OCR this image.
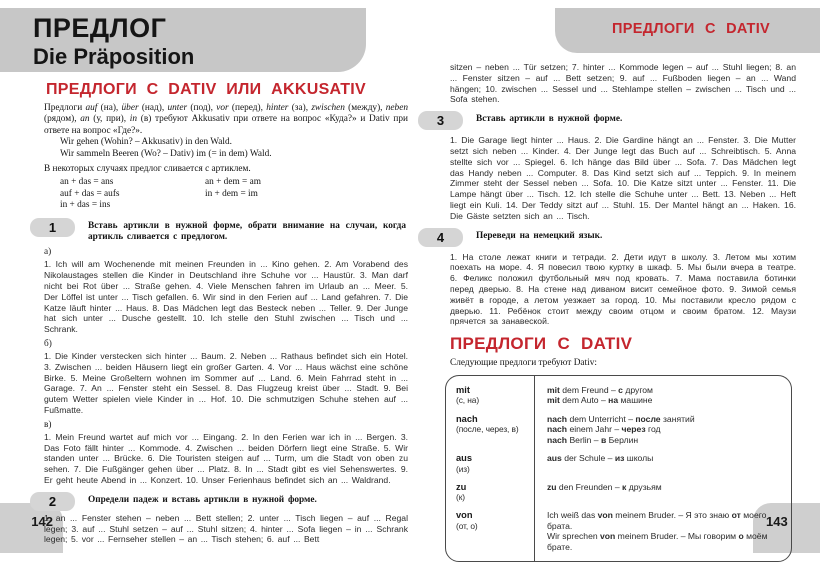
ПРЕДЛОГ
Die Präposition
ПРЕДЛОГИ С DATIV ИЛИ AKKUSATIV
Предлоги auf (на), über (над), unter (под), vor (перед), hinter (за), zwischen (между), neben (рядом), an (у, при), in (в) требуют Akkusativ при ответе на вопрос «Куда?» и Dativ при ответе на вопрос «Где?».
Wir gehen (Wohin? – Akkusativ) in den Wald.
Wir sammeln Beeren (Wo? – Dativ) im (= in dem) Wald.
В некоторых случаях предлог сливается с артиклем.
an + das = ans
auf + das = aufs
in + das = ins
an + dem = am
in + dem = im
1	Вставь артикли в нужной форме, обрати внимание на случаи, когда артикль сливается с предлогом.
а)
1. Ich will am Wochenende mit meinen Freunden in ... Kino gehen. 2. Am Vorabend des Nikolaustages stellen die Kinder in Deutschland ihre Schuhe vor ... Haustür. 3. Man darf nicht bei Rot über ... Straße gehen. 4. Viele Menschen fahren im Urlaub an ... Meer. 5. Der Löffel ist unter ... Tisch gefallen. 6. Wir sind in den Ferien auf ... Land gefahren. 7. Die Katze läuft hinter ... Haus. 8. Das Mädchen legt das Besteck neben ... Teller. 9. Der Junge hat sich unter ... Dusche gestellt. 10. Ich stelle den Stuhl zwischen ... Tisch und ... Schrank.
б)
1. Die Kinder verstecken sich hinter ... Baum. 2. Neben ... Rathaus befindet sich ein Hotel. 3. Zwischen ... beiden Häusern liegt ein großer Garten. 4. Vor ... Haus wächst eine schöne Birke. 5. Meine Großeltern wohnen im Sommer auf ... Land. 6. Mein Fahrrad steht in ... Garage. 7. An ... Fenster steht ein Sessel. 8. Das Flugzeug kreist über ... Stadt. 9. Bei gutem Wetter spielen viele Kinder in ... Hof. 10. Die schmutzigen Schuhe stehen auf ... Fußmatte.
в)
1. Mein Freund wartet auf mich vor ... Eingang. 2. In den Ferien war ich in ... Bergen. 3. Das Foto fällt hinter ... Kommode. 4. Zwischen ... beiden Dörfern liegt eine Straße. 5. Wir standen unter ... Brücke. 6. Die Touristen steigen auf ... Turm, um die Stadt von oben zu sehen. 7. Die Fußgänger gehen über ... Platz. 8. In ... Stadt gibt es viel Sehenswertes. 9. Er geht heute Abend in ... Konzert. 10. Unser Ferienhaus befindet sich an ... Waldrand.
2	Определи падеж и вставь артикли в нужной форме.
1. an ... Fenster stehen – neben ... Bett stellen; 2. unter ... Tisch liegen – auf ... Regal legen; 3. auf ... Stuhl setzen – auf ... Stuhl sitzen; 4. hinter ... Sofa liegen – in ... Schrank legen; 5. vor ... Fernseher stellen – an ... Tisch stehen; 6. auf ... Bett
142
ПРЕДЛОГИ С DATIV
sitzen – neben ... Tür setzen; 7. hinter ... Kommode legen – auf ... Stuhl liegen; 8. an ... Fenster sitzen – auf ... Bett setzen; 9. auf ... Fußboden liegen – an ... Wand hängen; 10. zwischen ... Sessel und ... Stehlampe stellen – zwischen ... Tisch und ... Sofa stehen.
3	Вставь артикли в нужной форме.
1. Die Garage liegt hinter ... Haus. 2. Die Gardine hängt an ... Fenster. 3. Die Mutter setzt sich neben ... Kinder. 4. Der Junge legt das Buch auf ... Schreibtisch. 5. Anna stellte sich vor ... Spiegel. 6. Ich hänge das Bild über ... Sofa. 7. Das Mädchen legt das Handy neben ... Computer. 8. Das Kind setzt sich auf ... Teppich. 9. In meinem Zimmer steht der Sessel neben ... Sofa. 10. Die Katze sitzt unter ... Fenster. 11. Die Lampe hängt über ... Tisch. 12. Ich stelle die Schuhe unter ... Bett. 13. Neben ... Heft liegt ein Kuli. 14. Der Teddy sitzt auf ... Stuhl. 15. Der Mantel hängt an ... Haken. 16. Die Gäste setzten sich an ... Tisch.
4	Переведи на немецкий язык.
1. На столе лежат книги и тетради. 2. Дети идут в школу. 3. Летом мы хотим поехать на море. 4. Я повесил твою куртку в шкаф. 5. Мы были вчера в театре. 6. Феликс положил футбольный мяч под кровать. 7. Мама поставила ботинки перед дверью. 8. На стене над диваном висит семейное фото. 9. Зимой семья живёт в городе, а летом уезжает за город. 10. Мы поставили кресло рядом с дверью. 11. Ребёнок стоит между своим отцом и своим братом. 12. Маузи прячется за занавеской.
ПРЕДЛОГИ С DATIV
Следующие предлоги требуют Dativ:
mit
(с, на)

mit dem Freund – с другом
mit dem Auto – на машине

nach
(после, через, в)

nach dem Unterricht – после занятий
nach einem Jahr – через год
nach Berlin – в Берлин

aus
(из)

aus der Schule – из школы

zu
(к)

zu den Freunden – к друзьям

von
(от, о)

Ich weiß das von meinem Bruder. – Я это знаю от моего брата.
Wir sprechen von meinem Bruder. – Мы говорим о моём брате.
143
